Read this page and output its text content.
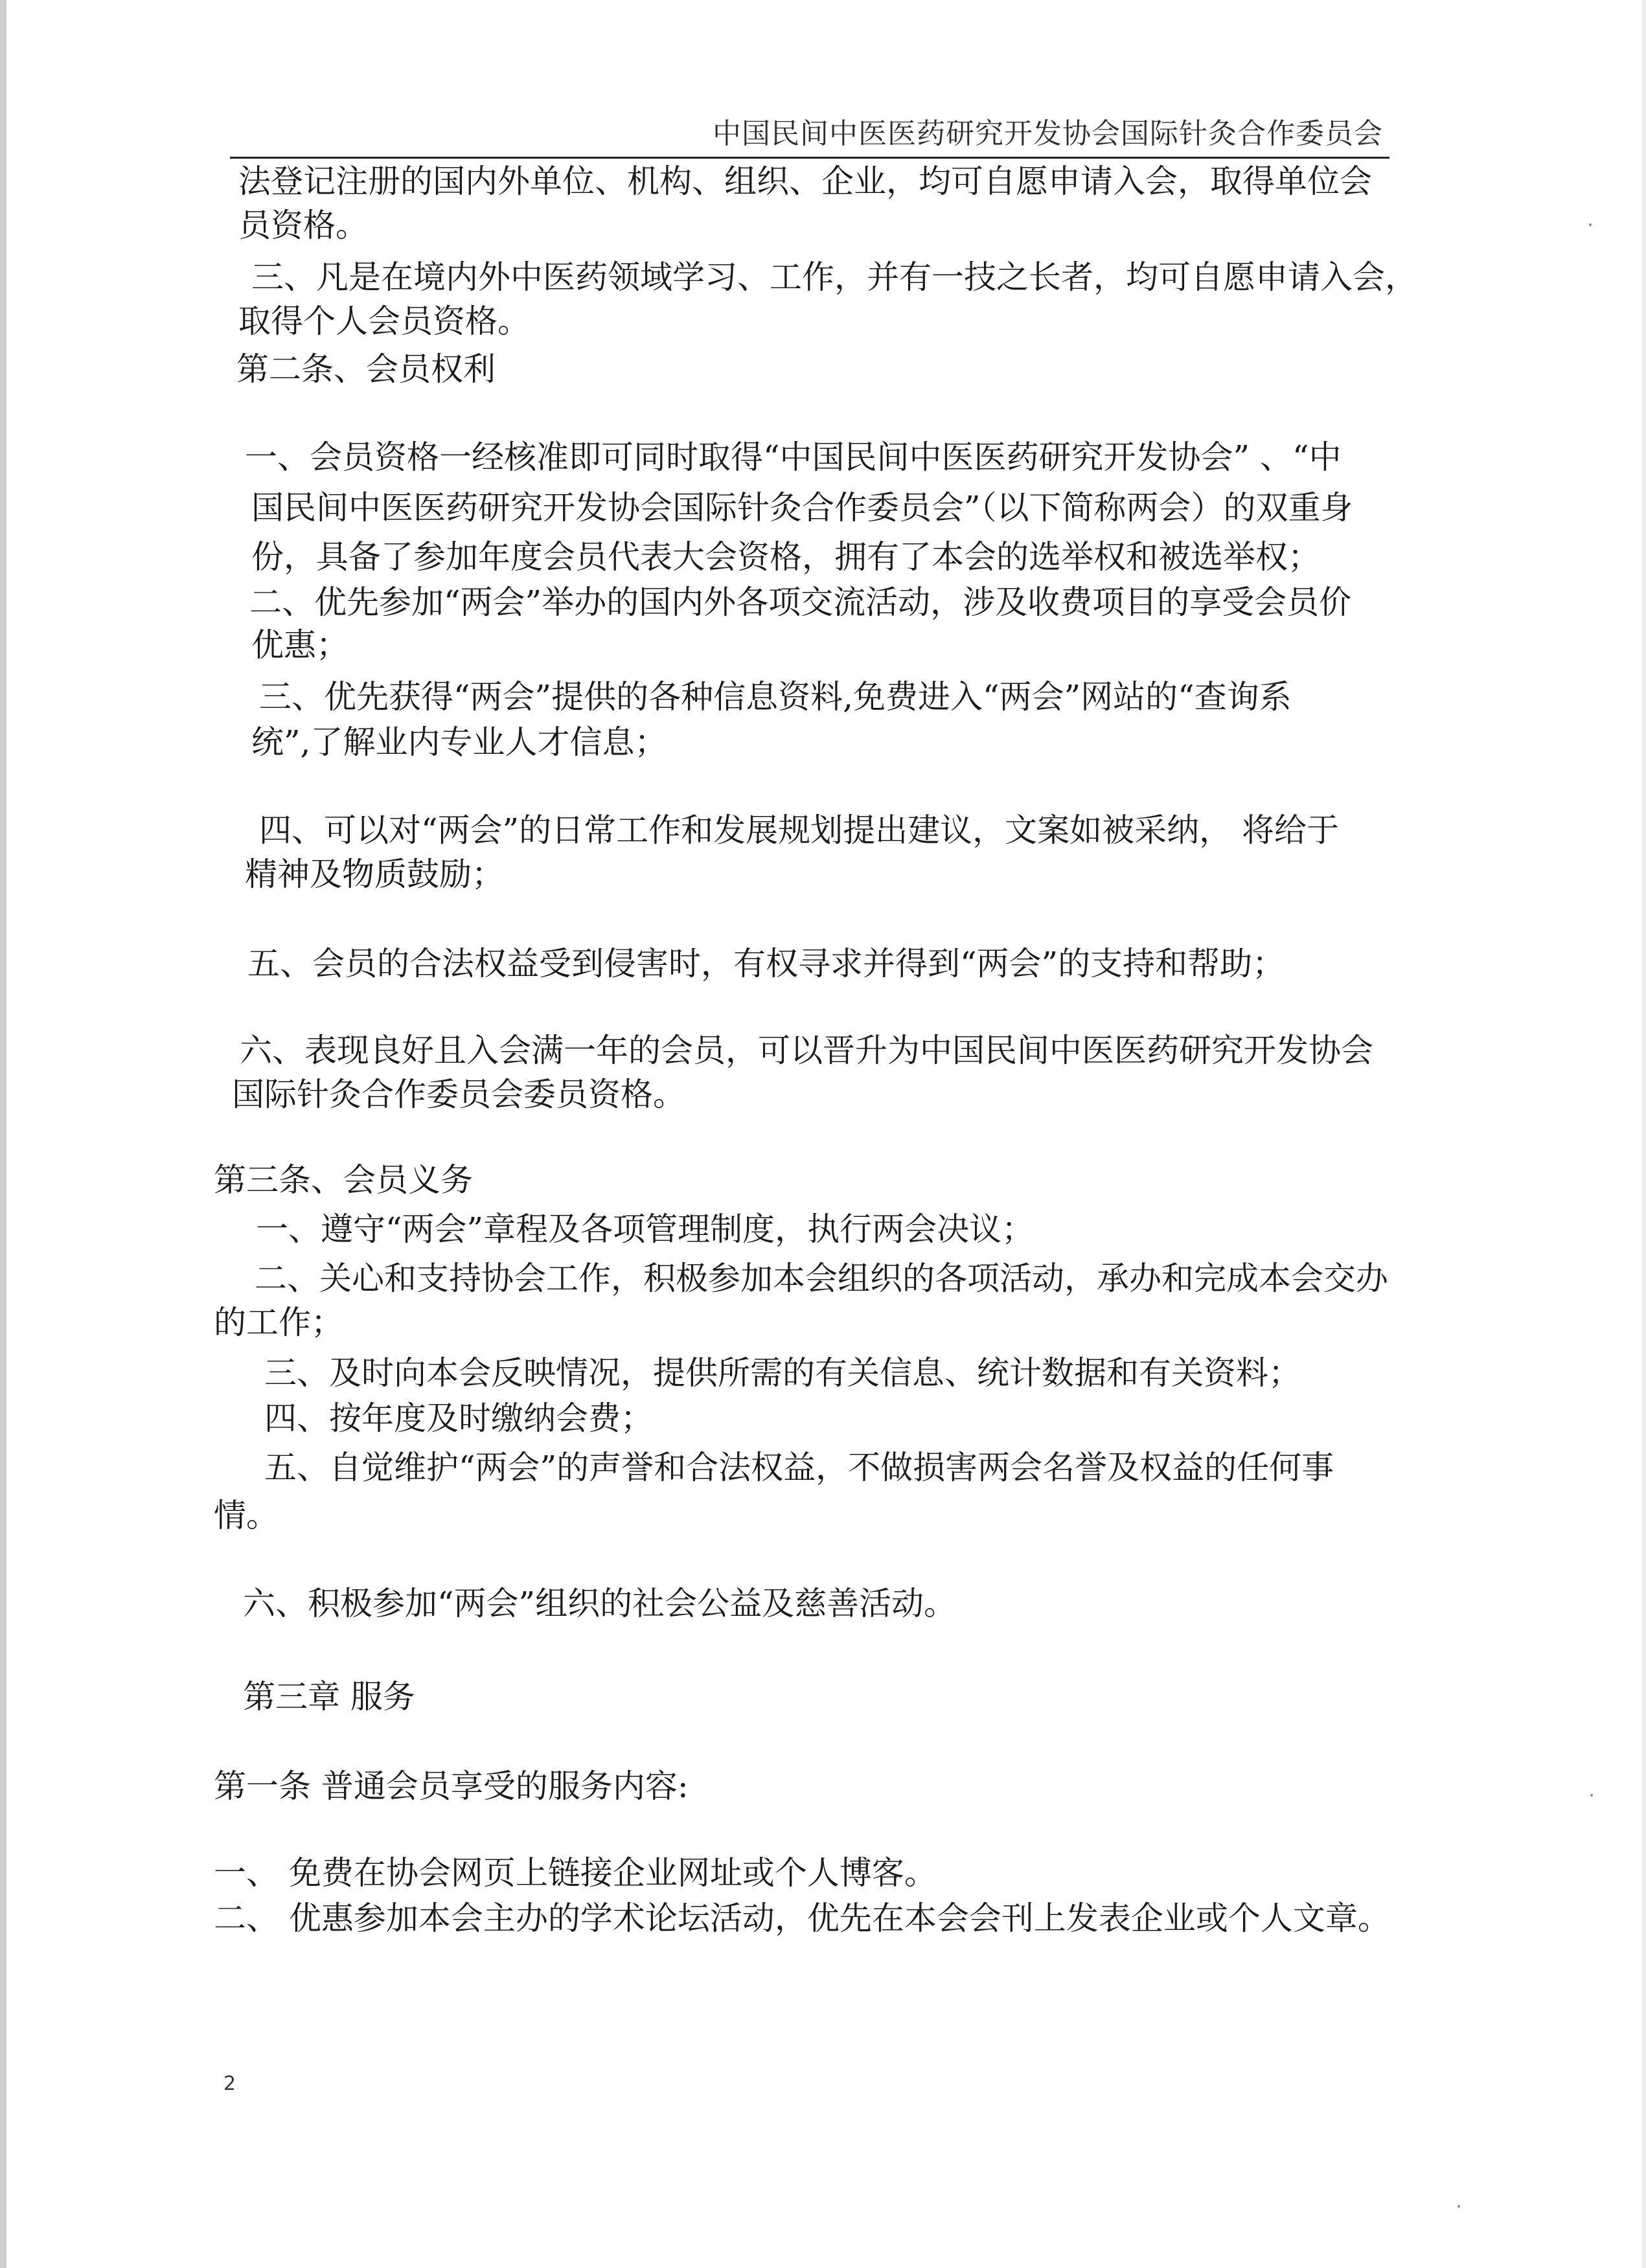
中国民间中医医药研究开发协会国际针灸合作委员会
法登记注册的国内外单位、机构、组织、企业，均可自愿申请入会，取得单位会
员资格。
三、凡是在境内外中医药领域学习、工作，并有一技之长者，均可自愿申请入会，
取得个人会员资格。
第二条、会员权利
一、会员资格一经核准即可同时取得“中国民间中医医药研究开发协会” 、“中
国民间中医医药研究开发协会国际针灸合作委员会”（以下简称两会）的双重身
份，具备了参加年度会员代表大会资格，拥有了本会的选举权和被选举权；
二、优先参加“两会”举办的国内外各项交流活动，涉及收费项目的享受会员价
优惠；
三、优先获得“两会”提供的各种信息资料,免费进入“两会”网站的“查询系
统”,了解业内专业人才信息；
四、可以对“两会”的日常工作和发展规划提出建议，文案如被采纳， 将给于
精神及物质鼓励；
五、会员的合法权益受到侵害时，有权寻求并得到“两会”的支持和帮助；
六、表现良好且入会满一年的会员，可以晋升为中国民间中医医药研究开发协会
国际针灸合作委员会委员资格。
第三条、会员义务
一、遵守“两会”章程及各项管理制度，执行两会决议；
二、关心和支持协会工作，积极参加本会组织的各项活动，承办和完成本会交办
的工作；
三、及时向本会反映情况，提供所需的有关信息、统计数据和有关资料；
四、按年度及时缴纳会费；
五、自觉维护“两会”的声誉和合法权益，不做损害两会名誉及权益的任何事
情。
六、积极参加“两会”组织的社会公益及慈善活动。
第三章 服务
第一条 普通会员享受的服务内容:
一、 免费在协会网页上链接企业网址或个人博客。
二、 优惠参加本会主办的学术论坛活动，优先在本会会刊上发表企业或个人文章。
2
